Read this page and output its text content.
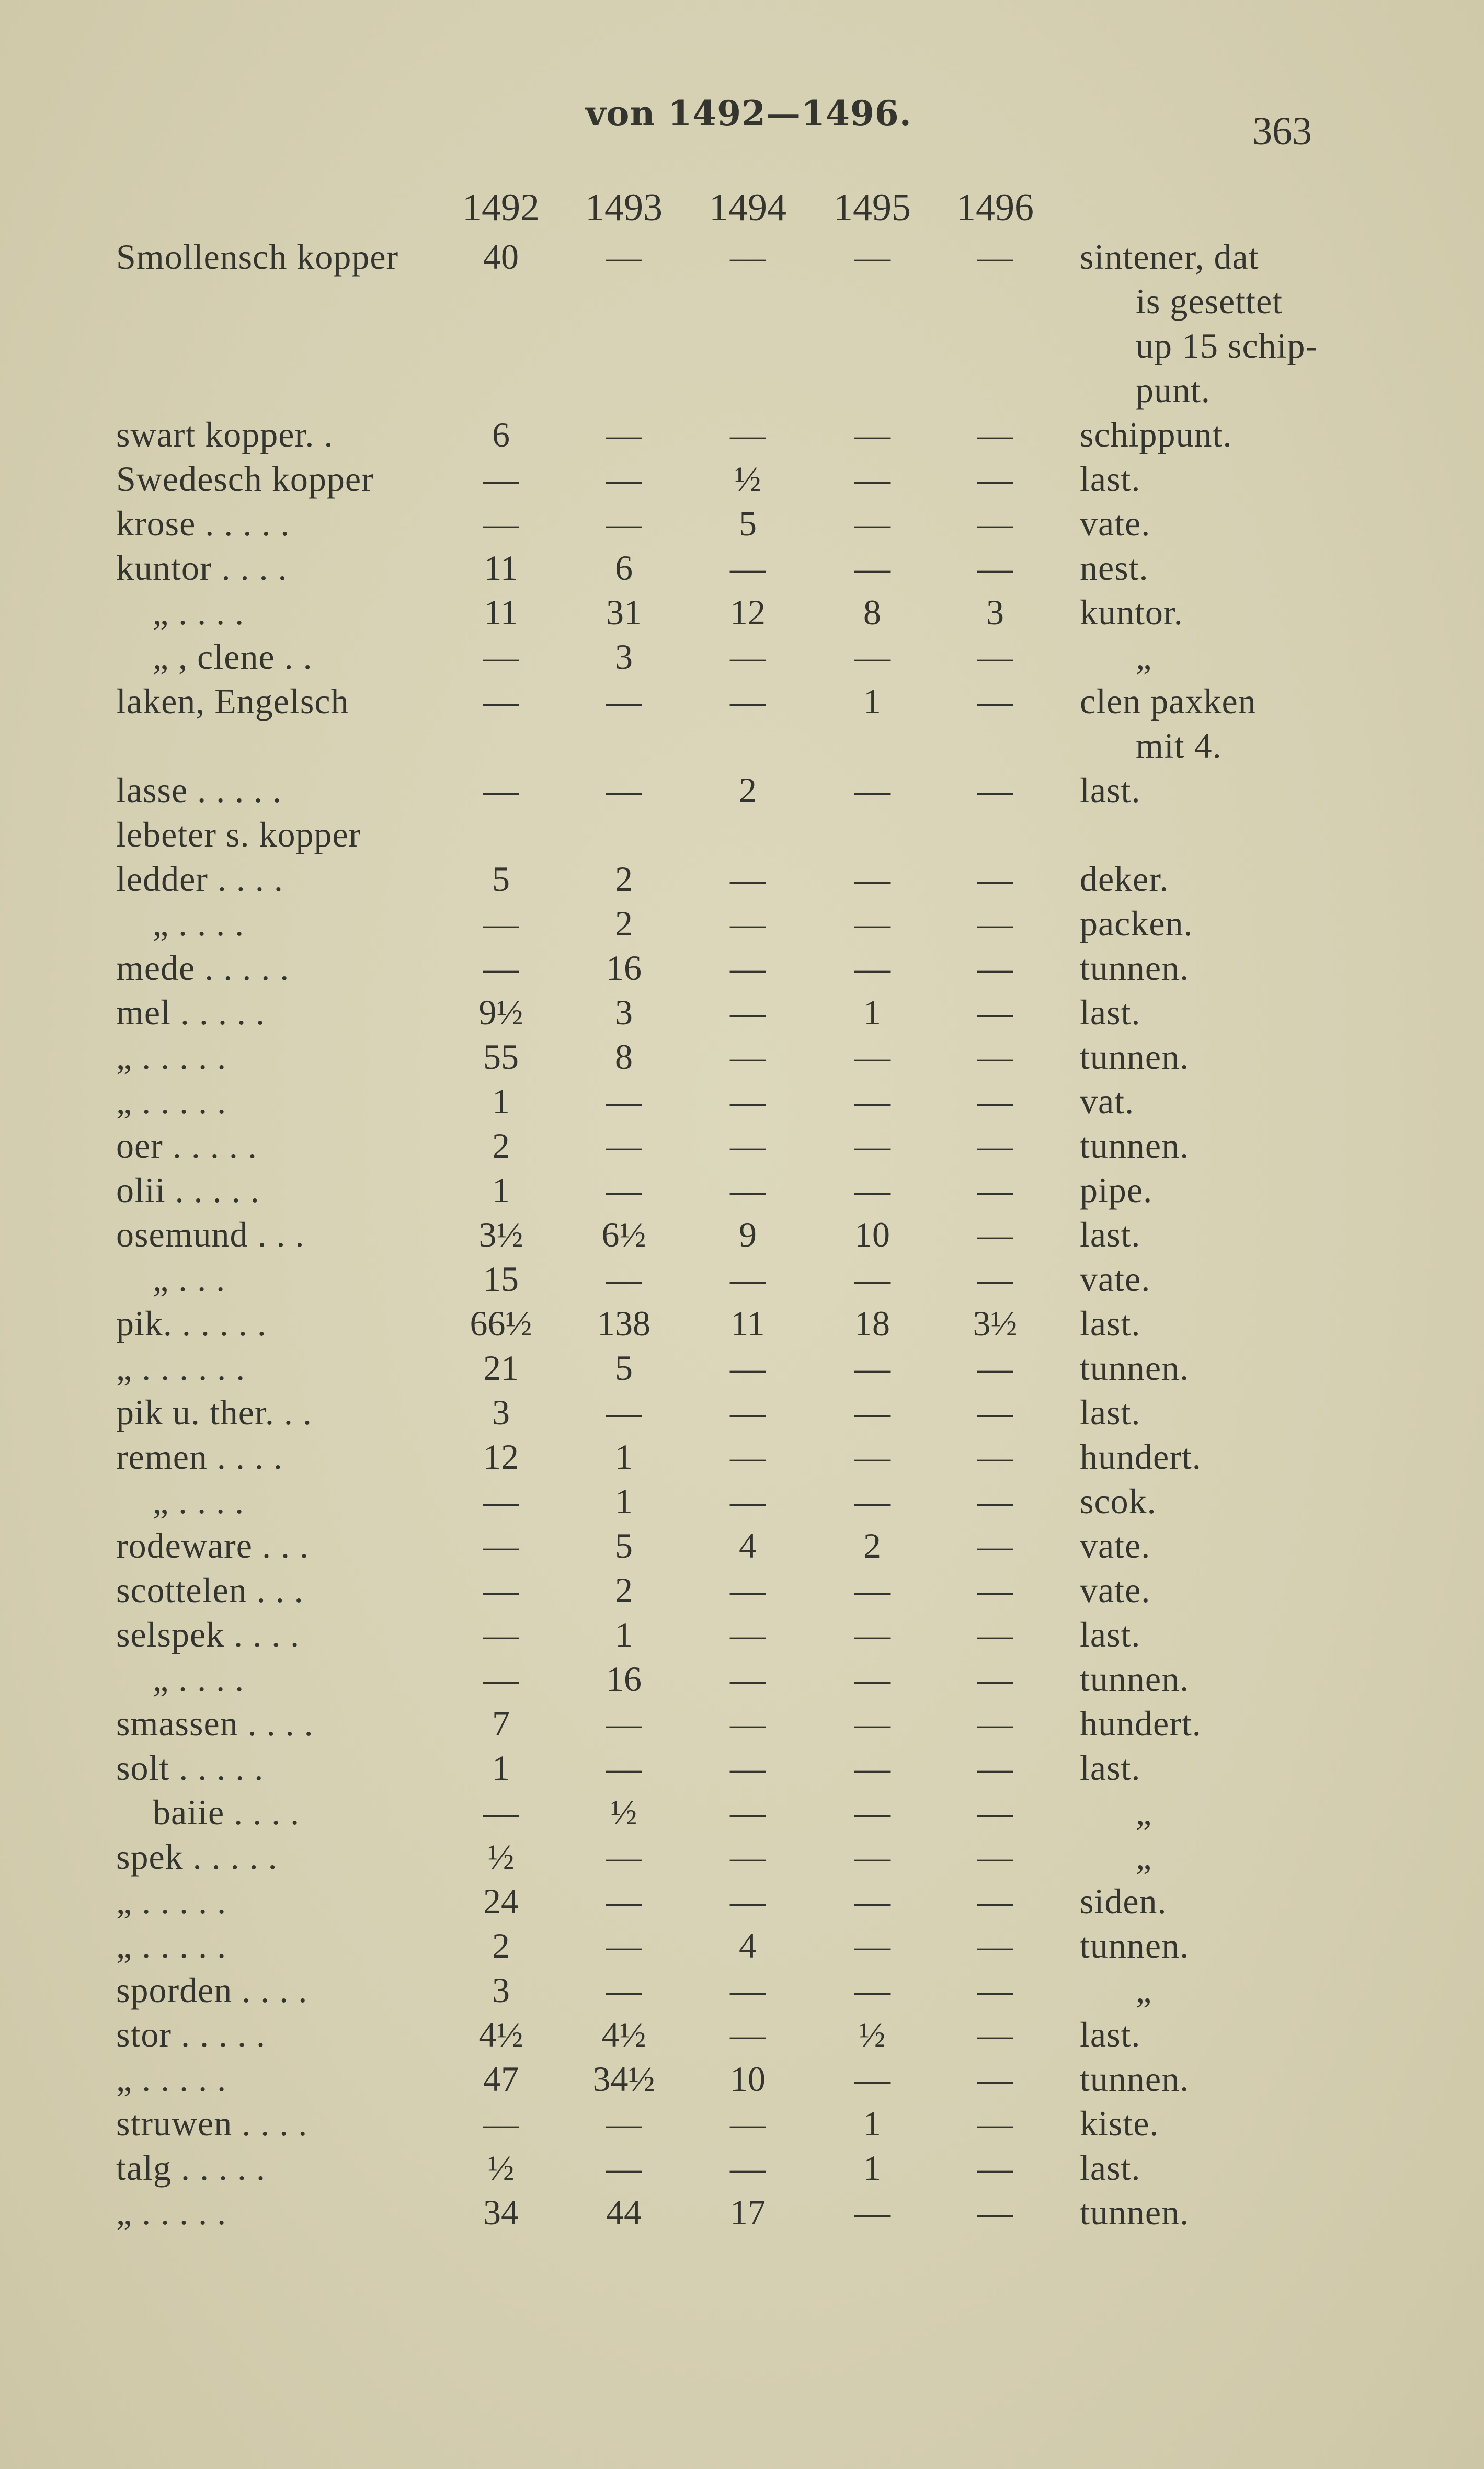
von 1492—1496.	363
1492 1493 1494 1495 1496
Smollensch kopper 40 — —	— — sintener, dat
is gesettet
up 15 schip-
punt.
swart kopper. .	6	— —	— — schippunt.
Swedesch kopper	— —	½	— — last.
krose . . . . .	— —	5	— — vate.
kuntor . . . .	11	6	—	— — nest.
„ . . . .	11 31 12	8	3 kuntor.
„ , clene . .	—	3	—	— —	„
laken, Engelsch	— — —	1	— clen paxken
mit 4.
lasse . . . . .	— —	2	— — last.
lebeter s. kopper
ledder . . . .	5	2	—	— — deker.
„ . . . .	—	2	—	— — packen.
mede . . . . .	— 16 —	— — tunnen.
mel . . . . .	9½	3	—	1	— last.
„ . . . . .	55	8	—	— — tunnen.
„ . . . . .	1	— —	— — vat.
oer . . . . .	2	— —	— — tunnen.
olii . . . . .	1	— —	— — pipe.
osemund . . .	3½ 6½	9	10 — last.
„ . . .	15 — —	— — vate.
pik. . . . . .	66½ 138 11	18 3½ last.
„ . . . . . .	21	5	—	— — tunnen.
pik u. ther. . .	3	— —	— — last.
remen . . . .	12	1	—	— — hundert.
„ . . . .	—	1	—	— — scok.
rodeware . . .	—	5	4	2	— vate.
scottelen . . .	—	2	—	— — vate.
selspek . . . .	—	1	—	— — last.
„ . . . .	— 16 —	— — tunnen.
smassen . . . .	7	— —	— — hundert.
solt . . . . .	1	— —	— — last.
baiie . . . .	—	½	—	— —	„
spek . . . . .	½	— —	— —	„
„ . . . . .	24 — —	— — siden.
„ . . . . .	2	—	4	— — tunnen.
sporden . . . .	3	— —	— —	„
stor . . . . .	4½ 4½ —	½	— last.
„ . . . . .	47 34½ 10	— — tunnen.
struwen . . . .	— — —	1	— kiste.
talg . . . . .	½	— —	1	— last.
„ . . . . .	34 44 17	— — tunnen.
